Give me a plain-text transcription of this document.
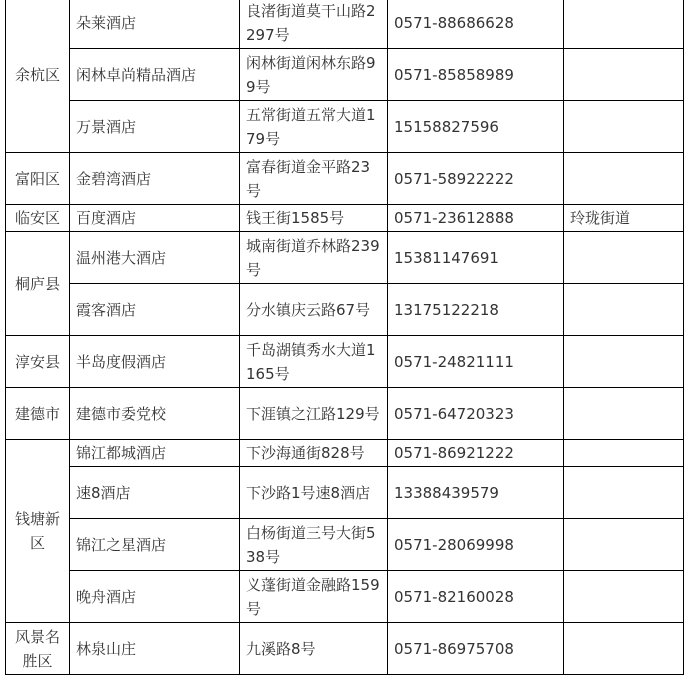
余杭区	朵莱酒店	良渚街道莫干山路2297号	0571-88686628	
	闲林卓尚精品酒店	闲林街道闲林东路99号	0571-85858989	
	万景酒店	五常街道五常大道179号	15158827596	
富阳区	金碧湾酒店	富春街道金平路23号	0571-58922222	
临安区	百度酒店	钱王街1585号	0571-23612888	玲珑街道
桐庐县	温州港大酒店	城南街道乔林路239号	15381147691	
	霞客酒店	分水镇庆云路67号	13175122218	
淳安县	半岛度假酒店	千岛湖镇秀水大道1165号	0571-24821111	
建德市	建德市委党校	下涯镇之江路129号	0571-64720323	
钱塘新区	锦江都城酒店	下沙海通街828号	0571-86921222	
	速8酒店	下沙路1号速8酒店	13388439579	
	锦江之星酒店	白杨街道三号大街538号	0571-28069998	
	晚舟酒店	义蓬街道金融路159号	0571-82160028	
风景名胜区	林泉山庄	九溪路8号	0571-86975708	
